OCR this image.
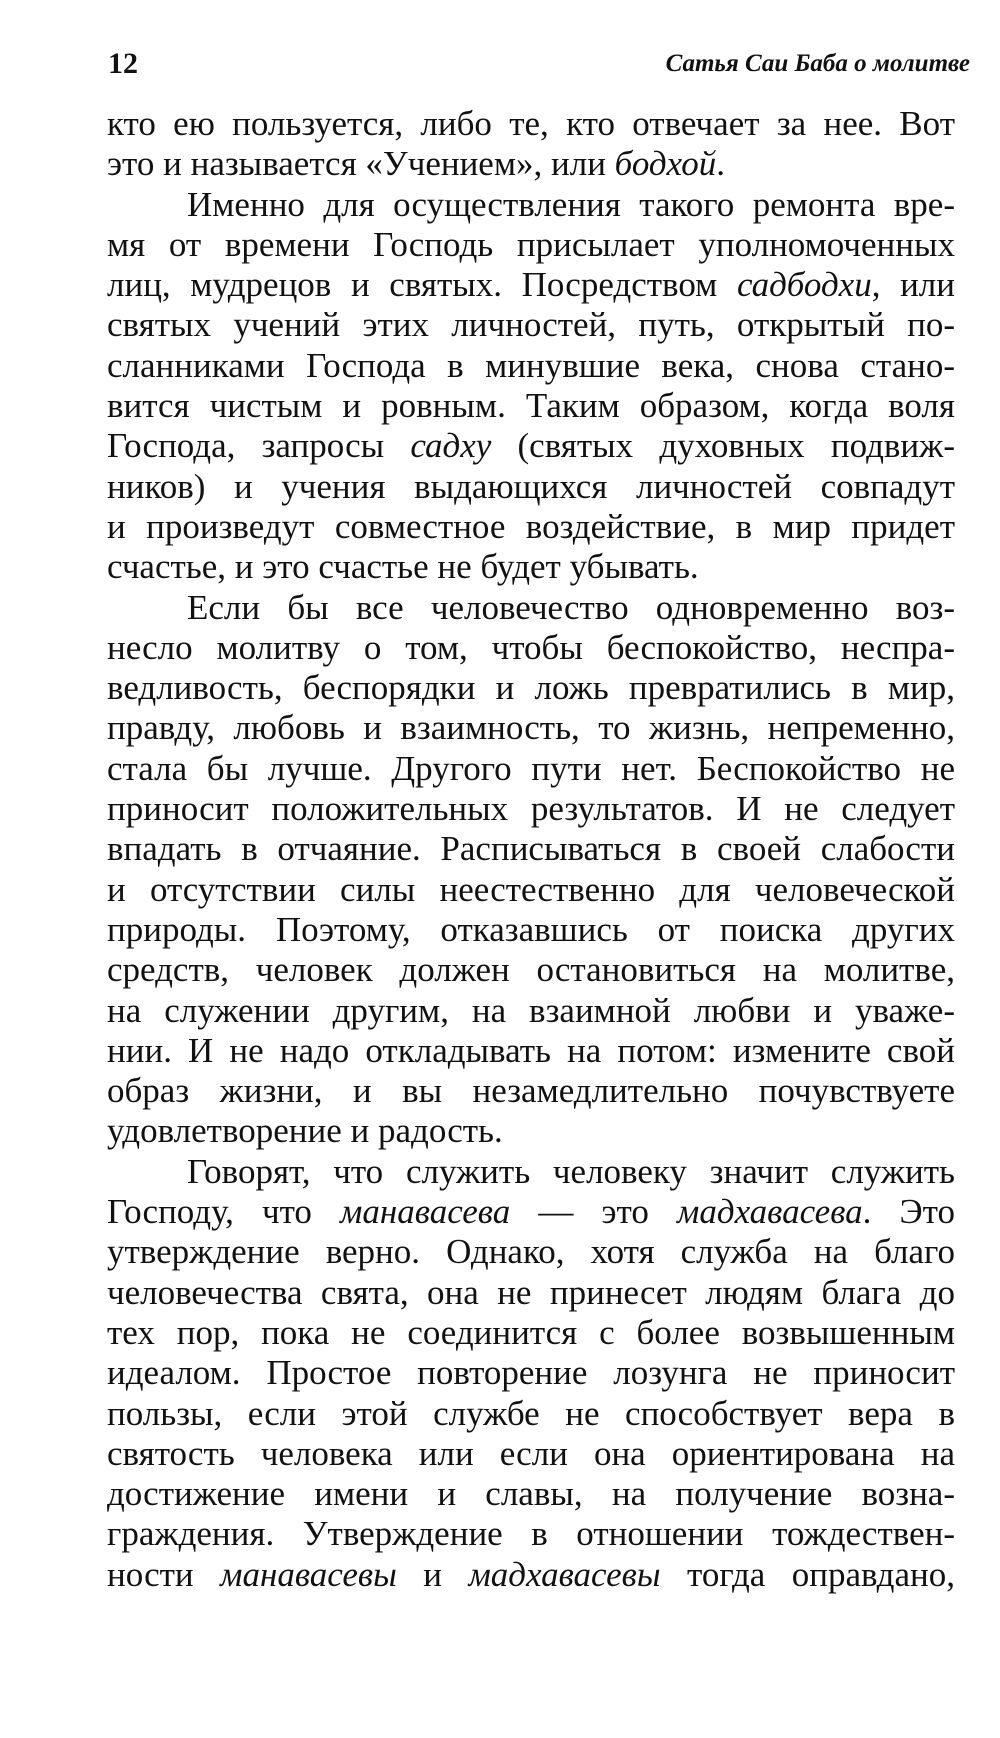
12	Сатья Саи Баба о молитве
кто ею пользуется, либо те, кто отвечает за нее. Вот
это и называется «Учением», или бодхой.
Именно для осуществления такого ремонта вре-
мя от времени Господь присылает уполномоченных
лиц, мудрецов и святых. Посредством садбодхи, или
святых учений этих личностей, путь, открытый по-
сланниками Господа в минувшие века, снова стано-
вится чистым и ровным. Таким образом, когда воля
Господа, запросы садху (святых духовных подвиж-
ников) и учения выдающихся личностей совпадут
и произведут совместное воздействие, в мир придет
счастье, и это счастье не будет убывать.
Если бы все человечество одновременно воз-
несло молитву о том, чтобы беспокойство, неспра-
ведливость, беспорядки и ложь превратились в мир,
правду, любовь и взаимность, то жизнь, непременно,
стала бы лучше. Другого пути нет. Беспокойство не
приносит положительных результатов. И не следует
впадать в отчаяние. Расписываться в своей слабости
и отсутствии силы неестественно для человеческой
природы. Поэтому, отказавшись от поиска других
средств, человек должен остановиться на молитве,
на служении другим, на взаимной любви и уваже-
нии. И не надо откладывать на потом: измените свой
образ жизни, и вы незамедлительно почувствуете
удовлетворение и радость.
Говорят, что служить человеку значит служить
Господу, что манавасева — это мадхавасева. Это
утверждение верно. Однако, хотя служба на благо
человечества свята, она не принесет людям блага до
тех пор, пока не соединится с более возвышенным
идеалом. Простое повторение лозунга не приносит
пользы, если этой службе не способствует вера в
святость человека или если она ориентирована на
достижение имени и славы, на получение возна-
граждения. Утверждение в отношении тождествен-
ности манавасевы и мадхавасевы тогда оправдано,
